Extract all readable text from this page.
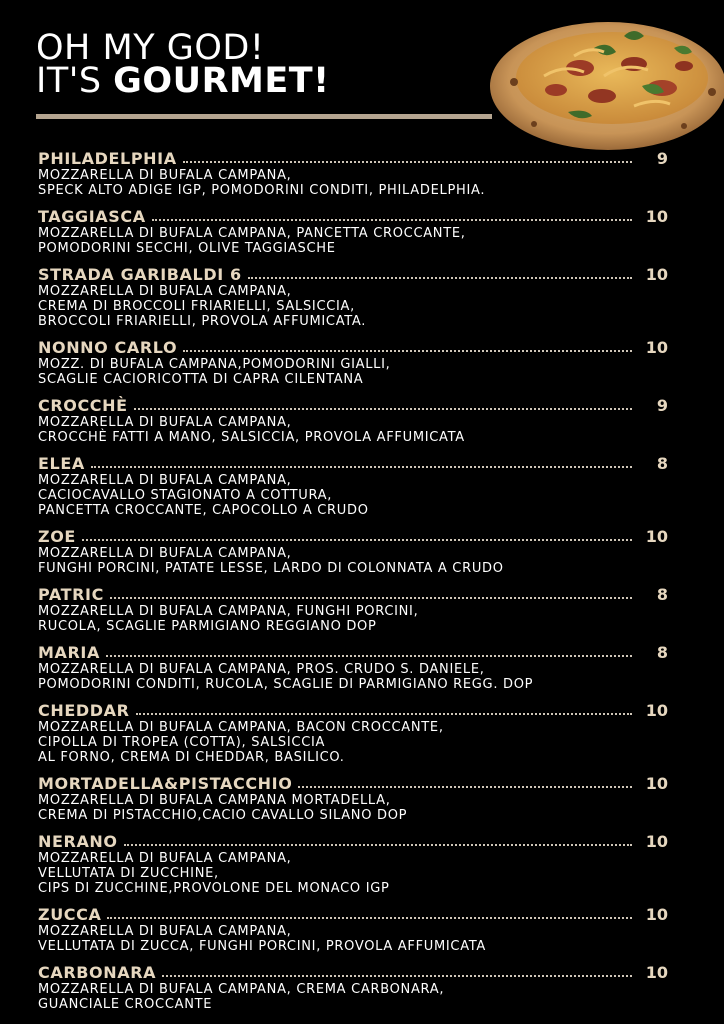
OH MY GOD!
IT'S GOURMET!
PHILADELPHIA	9
MOZZARELLA DI BUFALA CAMPANA,
SPECK ALTO ADIGE IGP, POMODORINI CONDITI, PHILADELPHIA.
TAGGIASCA	10
MOZZARELLA DI BUFALA CAMPANA, PANCETTA CROCCANTE,
POMODORINI SECCHI, OLIVE TAGGIASCHE
STRADA GARIBALDI 6	10
MOZZARELLA DI BUFALA CAMPANA,
CREMA DI BROCCOLI FRIARIELLI, SALSICCIA,
BROCCOLI FRIARIELLI, PROVOLA AFFUMICATA.
NONNO CARLO	10
MOZZ. DI BUFALA CAMPANA,POMODORINI GIALLI,
SCAGLIE CACIORICOTTA DI CAPRA CILENTANA
CROCCHÈ	9
MOZZARELLA DI BUFALA CAMPANA,
CROCCHÈ FATTI A MANO, SALSICCIA, PROVOLA AFFUMICATA
ELEA	8
MOZZARELLA DI BUFALA CAMPANA,
CACIOCAVALLO STAGIONATO A COTTURA,
PANCETTA CROCCANTE, CAPOCOLLO A CRUDO
ZOE	10
MOZZARELLA DI BUFALA CAMPANA,
FUNGHI PORCINI, PATATE LESSE, LARDO DI COLONNATA A CRUDO
PATRIC	8
MOZZARELLA DI BUFALA CAMPANA, FUNGHI PORCINI,
RUCOLA, SCAGLIE PARMIGIANO REGGIANO DOP
MARIA	8
MOZZARELLA DI BUFALA CAMPANA, PROS. CRUDO S. DANIELE,
POMODORINI CONDITI, RUCOLA, SCAGLIE DI PARMIGIANO REGG. DOP
CHEDDAR	10
MOZZARELLA DI BUFALA CAMPANA, BACON CROCCANTE,
CIPOLLA DI TROPEA (COTTA), SALSICCIA
AL FORNO, CREMA DI CHEDDAR, BASILICO.
MORTADELLA&PISTACCHIO	10
MOZZARELLA DI BUFALA CAMPANA MORTADELLA,
CREMA DI PISTACCHIO,CACIO CAVALLO SILANO DOP
NERANO	10
MOZZARELLA DI BUFALA CAMPANA,
VELLUTATA DI ZUCCHINE,
CIPS DI ZUCCHINE,PROVOLONE DEL MONACO IGP
ZUCCA	10
MOZZARELLA DI BUFALA CAMPANA,
VELLUTATA DI ZUCCA, FUNGHI PORCINI, PROVOLA AFFUMICATA
CARBONARA	10
MOZZARELLA DI BUFALA CAMPANA, CREMA CARBONARA,
GUANCIALE CROCCANTE
